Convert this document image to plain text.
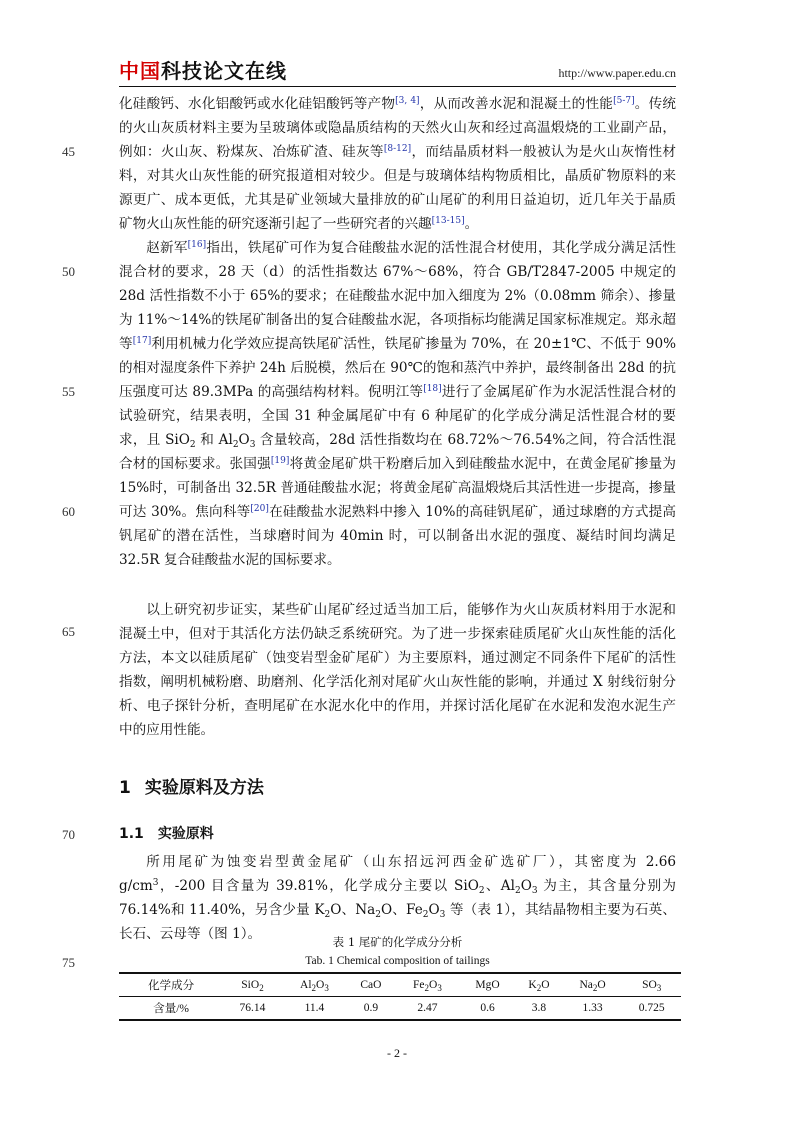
中国科技论文在线	http://www.paper.edu.cn
45
50
55
60
65
70
75

化硅酸钙、水化铝酸钙或水化硅铝酸钙等产物[3, 4]，从而改善水泥和混凝土的性能[5-7]。传统的火山灰质材料主要为呈玻璃体或隐晶质结构的天然火山灰和经过高温煅烧的工业副产品，例如：火山灰、粉煤灰、冶炼矿渣、硅灰等[8-12]，而结晶质材料一般被认为是火山灰惰性材料，对其火山灰性能的研究报道相对较少。但是与玻璃体结构物质相比，晶质矿物原料的来源更广、成本更低，尤其是矿业领域大量排放的矿山尾矿的利用日益迫切，近几年关于晶质矿物火山灰性能的研究逐渐引起了一些研究者的兴趣[13-15]。

赵新军[16]指出，铁尾矿可作为复合硅酸盐水泥的活性混合材使用，其化学成分满足活性混合材的要求，28 天（d）的活性指数达 67%～68%，符合 GB/T2847-2005 中规定的 28d 活性指数不小于 65%的要求；在硅酸盐水泥中加入细度为 2%（0.08mm 筛余）、掺量为 11%～14%的铁尾矿制备出的复合硅酸盐水泥，各项指标均能满足国家标准规定。郑永超等[17]利用机械力化学效应提高铁尾矿活性，铁尾矿掺量为 70%，在 20±1℃、不低于 90%的相对湿度条件下养护 24h 后脱模，然后在 90℃的饱和蒸汽中养护，最终制备出 28d 的抗压强度可达 89.3MPa 的高强结构材料。倪明江等[18]进行了金属尾矿作为水泥活性混合材的试验研究，结果表明，全国 31 种金属尾矿中有 6 种尾矿的化学成分满足活性混合材的要求，且 SiO$_2$ 和 $Al_2O_3$ 含量较高，28d 活性指数均在 68.72%～76.54%之间，符合活性混合材的国标要求。张国强[19]将黄金尾矿烘干粉磨后加入到硅酸盐水泥中，在黄金尾矿掺量为 15%时，可制备出 32.5R 普通硅酸盐水泥；将黄金尾矿高温煅烧后其活性进一步提高，掺量可达 30%。焦向科等[20]在硅酸盐水泥熟料中掺入 10%的高硅钒尾矿，通过球磨的方式提高钒尾矿的潜在活性，当球磨时间为 40min 时，可以制备出水泥的强度、凝结时间均满足 32.5R 复合硅酸盐水泥的国标要求。

以上研究初步证实，某些矿山尾矿经过适当加工后，能够作为火山灰质材料用于水泥和混凝土中，但对于其活化方法仍缺乏系统研究。为了进一步探索硅质尾矿火山灰性能的活化方法，本文以硅质尾矿（蚀变岩型金矿尾矿）为主要原料，通过测定不同条件下尾矿的活性指数，阐明机械粉磨、助磨剂、化学活化剂对尾矿火山灰性能的影响，并通过 X 射线衍射分析、电子探针分析，查明尾矿在水泥水化中的作用，并探讨活化尾矿在水泥和发泡水泥生产中的应用性能。

1 实验原料及方法
1.1 实验原料

所用尾矿为蚀变岩型黄金尾矿（山东招远河西金矿选矿厂），其密度为 2.66 $g/cm^3$，-200 目含量为 39.81%，化学成分主要以 SiO$_2$、$Al_2O_3$ 为主，其含量分别为 76.14%和 11.40%，另含少量 $K_2O$、$Na_2O$、$Fe_2O_3$ 等（表 1），其结晶物相主要为石英、长石、云母等（图 1）。	表 1 尾矿的化学成分分析
Tab. 1 Chemical composition of tailings
化学成分	SiO$_2$	$Al_2O_3$	CaO	$Fe_2O_3$	MgO	$K_2O$	$Na_2O$	$SO_3$
含量/%	76.14	11.4	0.9	2.47	0.6	3.8	1.33	0.725
- 2 -
